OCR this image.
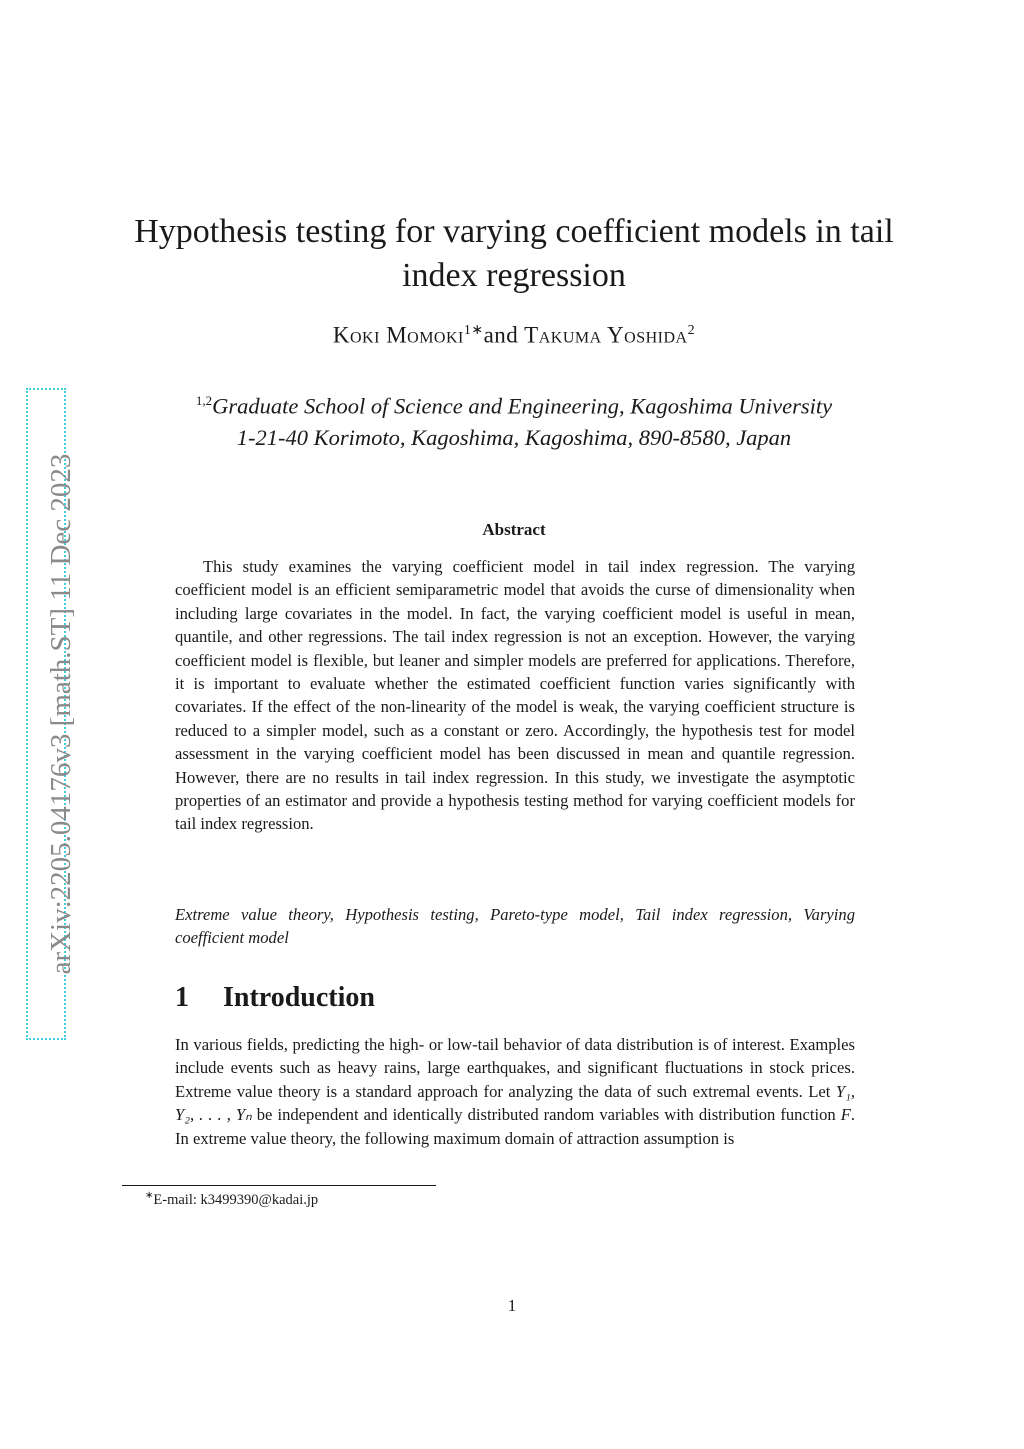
arXiv:2205.04176v3 [math.ST] 11 Dec 2023
Hypothesis testing for varying coefficient models in tail index regression
Koki Momoki$^{1∗}$and Takuma Yoshida$^2$
$^{1,2}$Graduate School of Science and Engineering, Kagoshima University
1-21-40 Korimoto, Kagoshima, Kagoshima, 890-8580, Japan
Abstract

This study examines the varying coefficient model in tail index regression. The varying coefficient model is an efficient semiparametric model that avoids the curse of dimensionality when including large covariates in the model. In fact, the varying coefficient model is useful in mean, quantile, and other regressions. The tail index regression is not an exception. However, the varying coefficient model is flexible, but leaner and simpler models are preferred for applications. Therefore, it is important to evaluate whether the estimated coefficient function varies significantly with covariates. If the effect of the non-linearity of the model is weak, the varying coefficient structure is reduced to a simpler model, such as a constant or zero. Accordingly, the hypothesis test for model assessment in the varying coefficient model has been discussed in mean and quantile regression. However, there are no results in tail index regression. In this study, we investigate the asymptotic properties of an estimator and provide a hypothesis testing method for varying coefficient models for tail index regression.

Extreme value theory, Hypothesis testing, Pareto-type model, Tail index regression, Varying coefficient model

1 Introduction

In various fields, predicting the high- or low-tail behavior of data distribution is of interest. Examples include events such as heavy rains, large earthquakes, and significant fluctuations in stock prices. Extreme value theory is a standard approach for analyzing the data of such extremal events. Let Y₁, Y₂, . . . , Yₙ be independent and identically distributed random variables with distribution function F. In extreme value theory, the following maximum domain of attraction assumption is

∗E-mail: k3499390@kadai.jp
1
